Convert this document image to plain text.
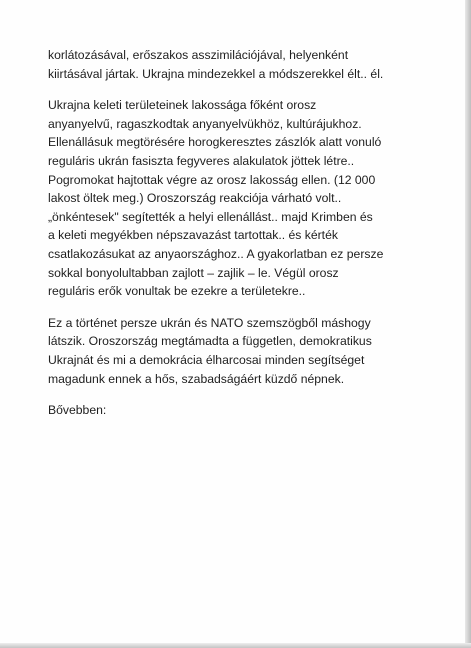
korlátozásával, erőszakos asszimilációjával, helyenként
kiirtásával jártak. Ukrajna mindezekkel a módszerekkel élt.. él.
Ukrajna keleti területeinek lakossága főként orosz
anyanyelvű, ragaszkodtak anyanyelvükhöz, kultúrájukhoz.
Ellenállásuk megtörésére horogkeresztes zászlók alatt vonuló
reguláris ukrán fasiszta fegyveres alakulatok jöttek létre..
Pogromokat hajtottak végre az orosz lakosság ellen. (12 000
lakost öltek meg.) Oroszország reakciója várható volt..
„önkéntesek" segítették a helyi ellenállást.. majd Krimben és
a keleti megyékben népszavazást tartottak.. és kérték
csatlakozásukat az anyaországhoz.. A gyakorlatban ez persze
sokkal bonyolultabban zajlott – zajlik – le. Végül orosz
reguláris erők vonultak be ezekre a területekre..
Ez a történet persze ukrán és NATO szemszögből máshogy
látszik. Oroszország megtámadta a független, demokratikus
Ukrajnát és mi a demokrácia élharcosai minden segítséget
magadunk ennek a hős, szabadságáért küzdő népnek.
Bővebben:
